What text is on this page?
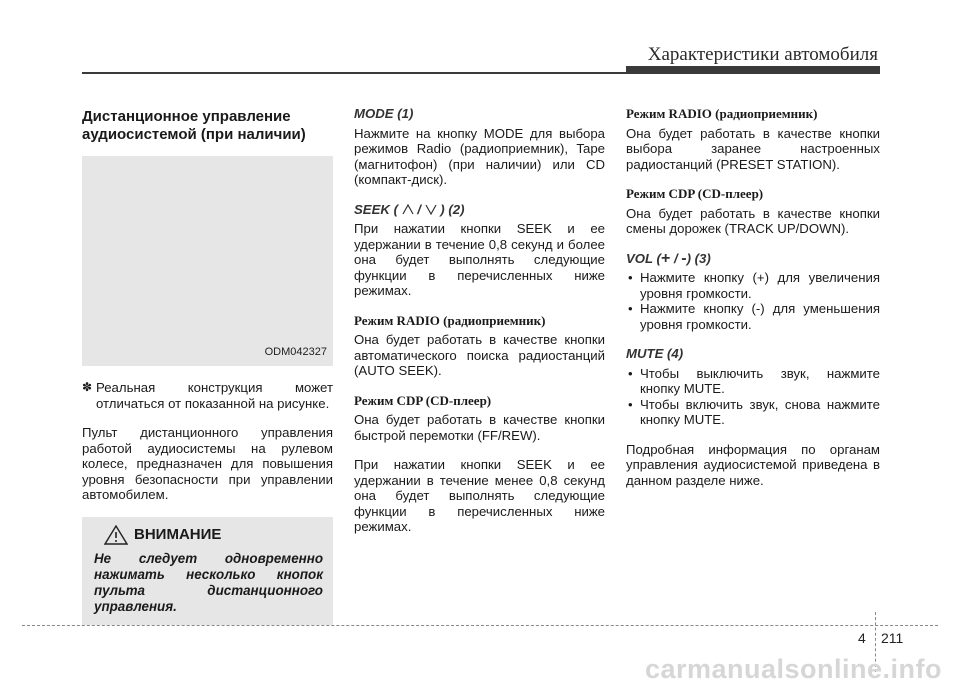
Характеристики автомобиля
Дистанционное управление
аудиосистемой (при наличии)
ODM042327
✽ Реальная конструкция может отличаться от показанной на рисунке.
Пульт дистанционного управления работой аудиосистемы на рулевом колесе, предназначен для повышения уровня безопасности при управлении автомобилем.
ВНИМАНИЕ
Не следует одновременно нажимать несколько кнопок пульта дистанционного управления.
MODE (1)
Нажмите на кнопку MODE для выбора режимов Radio (радиоприемник), Tape (магнитофон) (при наличии) или CD (компакт-диск).
SEEK (  /  ) (2)
При нажатии кнопки SEEK и ее удержании в течение 0,8 секунд и более она будет выполнять следующие функции в перечисленных ниже режимах.
Режим RADIO (радиоприемник)
Она будет работать в качестве кнопки автоматического поиска радиостанций (AUTO SEEK).
Режим CDP (CD-плеер)
Она будет работать в качестве кнопки быстрой перемотки (FF/REW).
При нажатии кнопки SEEK и ее удержании в течение менее 0,8 секунд она будет выполнять следующие функции в перечисленных ниже режимах.
Режим RADIO (радиоприемник)
Она будет работать в качестве кнопки выбора заранее настроенных радиостанций (PRESET STATION).
Режим CDP (CD-плеер)
Она будет работать в качестве кнопки смены дорожек (TRACK UP/DOWN).
VOL (+ / -) (3)
• Нажмите кнопку (+) для увеличения уровня громкости.
• Нажмите кнопку (-) для уменьшения уровня громкости.
MUTE (4)
• Чтобы выключить звук, нажмите кнопку MUTE.
• Чтобы включить звук, снова нажмите кнопку MUTE.
Подробная информация по органам управления аудиосистемой приведена в данном разделе ниже.
4 211
carmanualsonline.info
